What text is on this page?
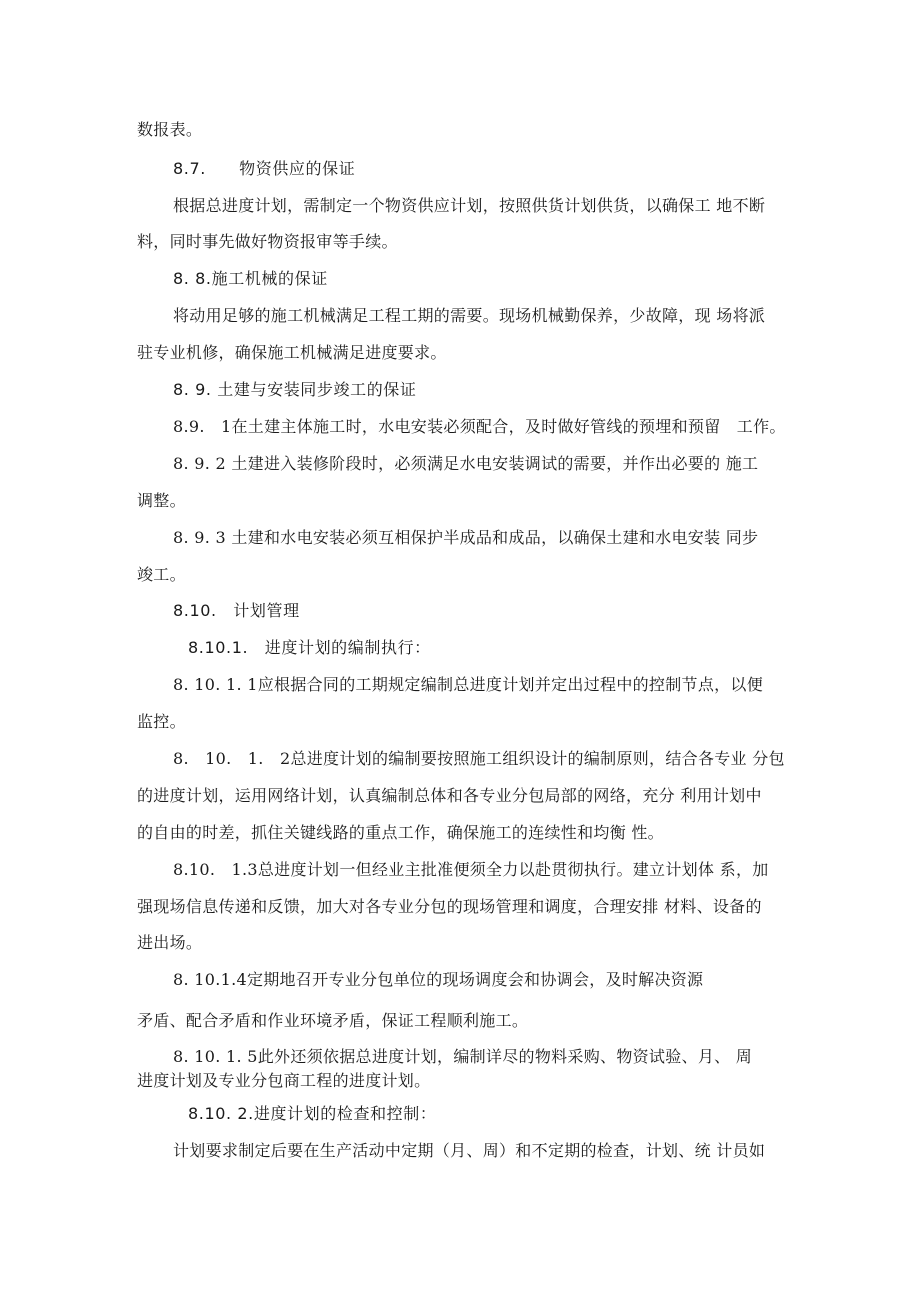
数报表。
8.7.　　物资供应的保证
根据总进度计划，需制定一个物资供应计划，按照供货计划供货，以确保工 地不断
料，同时事先做好物资报审等手续。
8. 8.施工机械的保证
将动用足够的施工机械满足工程工期的需要。现场机械勤保养，少故障，现 场将派
驻专业机修，确保施工机械满足进度要求。
8. 9. 土建与安装同步竣工的保证
8.9.　1在土建主体施工时，水电安装必须配合，及时做好管线的预埋和预留　工作。
8. 9. 2 土建进入装修阶段时，必须满足水电安装调试的需要，并作出必要的 施工
调整。
8. 9. 3 土建和水电安装必须互相保护半成品和成品，以确保土建和水电安装 同步
竣工。
8.10.　计划管理
8.10.1.　进度计划的编制执行：
8. 10. 1. 1应根据合同的工期规定编制总进度计划并定出过程中的控制节点，以便
监控。
8.　10.　1.　2总进度计划的编制要按照施工组织设计的编制原则，结合各专业 分包
的进度计划，运用网络计划，认真编制总体和各专业分包局部的网络，充分 利用计划中
的自由的时差，抓住关键线路的重点工作，确保施工的连续性和均衡 性。
8.10.　1.3总进度计划一但经业主批准便须全力以赴贯彻执行。建立计划体 系，加
强现场信息传递和反馈，加大对各专业分包的现场管理和调度，合理安排 材料、设备的
进出场。
8. 10.1.4定期地召开专业分包单位的现场调度会和协调会，及时解决资源
矛盾、配合矛盾和作业环境矛盾，保证工程顺利施工。
8. 10. 1. 5此外还须依据总进度计划，编制详尽的物料采购、物资试验、月、 周
进度计划及专业分包商工程的进度计划。
8.10. 2.进度计划的检查和控制：
计划要求制定后要在生产活动中定期（月、周）和不定期的检查，计划、统 计员如
